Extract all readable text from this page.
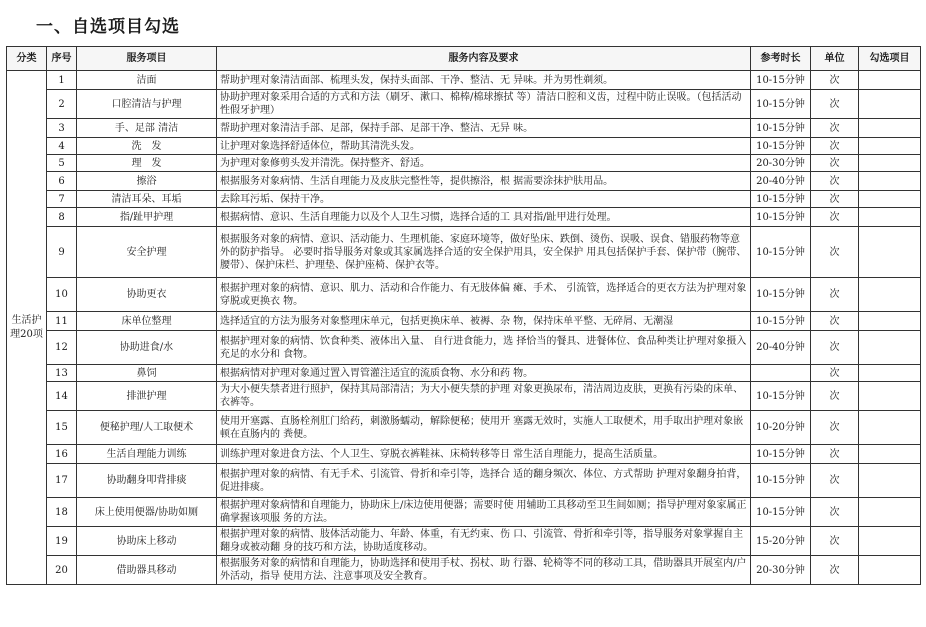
一、自选项目勾选
分类	序号	服务项目	服务内容及要求	参考时长	单位	勾选项目
生活护理20项	1	洁面	帮助护理对象清洁面部、梳理头发，保持头面部、干净、整洁、无 异味。并为男性剃须。	10-15分钟	次	
	2	口腔清洁与护理	协助护理对象采用合适的方式和方法（刷牙、漱口、棉棒/棉球擦拭 等）清洁口腔和义齿，过程中防止误吸。（包括活动性假牙护理）	10-15分钟	次	
	3	手、足部 清洁	帮助护理对象清洁手部、足部，保持手部、足部干净、整洁、无异 味。	10-15分钟	次	
	4	洗　发	让护理对象选择舒适体位，帮助其清洗头发。	10-15分钟	次	
	5	理　发	为护理对象修剪头发并清洗。保持整齐、舒适。	20-30分钟	次	
	6	擦浴	根据服务对象病情、生活自理能力及皮肤完整性等，提供擦浴，根 据需要涂抹护肤用品。	20-40分钟	次	
	7	清洁耳朵、耳垢	去除耳污垢、保持干净。	10-15分钟	次	
	8	指/趾甲护理	根据病情、意识、生活自理能力以及个人卫生习惯，选择合适的工 具对指/趾甲进行处理。	10-15分钟	次	
	9	安全护理	根据服务对象的病情、意识、活动能力、生理机能、家庭环境等，做好坠床、跌倒、烫伤、误吸、误食、错服药物等意外的防护指导。 必要时指导服务对象或其家属选择合适的安全保护用具，安全保护 用具包括保护手套、保护带（腕带、腰带）、保护床栏、护理垫、保护座椅、保护衣等。	10-15分钟	次	
	10	协助更衣	根据护理对象的病情、意识、肌力、活动和合作能力、有无肢体偏 瘫、手术、 引流管，选择适合的更衣方法为护理对象穿脱或更换衣 物。	10-15分钟	次	
	11	床单位整理	选择适宜的方法为服务对象整理床单元，包括更换床单、被褥、杂 物，保持床单平整、无碎屑、无潮湿	10-15分钟	次	
	12	协助进食/水	根据护理对象的病情、饮食种类、液体出入量、 自行进食能力，选 择恰当的餐具、进餐体位、食品种类让护理对象摄入充足的水分和 食物。	20-40分钟	次	
	13	鼻饲	根据病情对护理对象通过置入胃管灌注适宜的流质食物、水分和药 物。		次	
	14	排泄护理	为大小便失禁者进行照护，保持其局部清洁；为大小便失禁的护理 对象更换尿布，清洁周边皮肤，更换有污染的床单、衣裤等。	10-15分钟	次	
	15	便秘护理/人工取便术	使用开塞露、直肠栓剂肛门给药，刺激肠蠕动，解除便秘；使用开 塞露无效时，实施人工取便术，用手取出护理对象嵌顿在直肠内的 粪便。	10-20分钟	次	
	16	生活自理能力训练	训练护理对象进食方法、个人卫生、穿脱衣裤鞋袜、床椅转移等日 常生活自理能力，提高生活质量。	10-15分钟	次	
	17	协助翻身叩背排痰	根据护理对象的病情、有无手术、引流管、骨折和牵引等，选择合 适的翻身频次、体位、方式帮助 护理对象翻身拍背，促进排痰。	10-15分钟	次	
	18	床上使用便器/协助如厕	根据护理对象病情和自理能力，协助床上/床边使用便器；需要时使 用辅助工具移动至卫生间如厕；指导护理对象家属正确掌握该项服 务的方法。	10-15分钟	次	
	19	协助床上移动	根据护理对象的病情、肢体活动能力、年龄、体重，有无约束、伤 口、引流管、骨折和牵引等，指导服务对象掌握自主翻身或被动翻 身的技巧和方法，协助适度移动。	15-20分钟	次	
	20	借助器具移动	根据服务对象的病情和自理能力，协助选择和使用手杖、拐杖、助 行器、轮椅等不同的移动工具，借助器具开展室内/户外活动，指导 使用方法、注意事项及安全教育。	20-30分钟	次	
